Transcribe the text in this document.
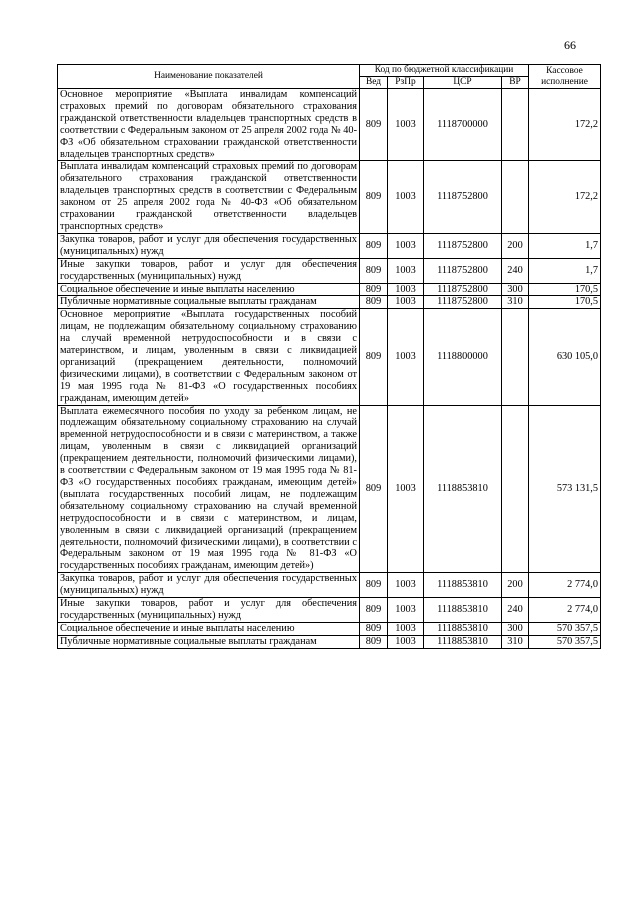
66
Наименование показателей	Код по бюджетной классификации				Кассовое исполнение
	Вед	РзПр	ЦСР	ВР	
Основное мероприятие «Выплата инвалидам компенсаций страховых премий по договорам обязательного страхования гражданской ответственности владельцев транспортных средств в соответствии с Федеральным законом от 25 апреля 2002 года № 40-ФЗ «Об обязательном страховании гражданской ответственности владельцев транспортных средств»	809	1003	1118700000		172,2
Выплата инвалидам компенсаций страховых премий по договорам обязательного страхования гражданской ответственности владельцев транспортных средств в соответствии с Федеральным законом от 25 апреля 2002 года № 40-ФЗ «Об обязательном страховании гражданской ответственности владельцев транспортных средств»	809	1003	1118752800		172,2
Закупка товаров, работ и услуг для обеспечения государственных (муниципальных) нужд	809	1003	1118752800	200	1,7
Иные закупки товаров, работ и услуг для обеспечения государственных (муниципальных) нужд	809	1003	1118752800	240	1,7
Социальное обеспечение и иные выплаты населению	809	1003	1118752800	300	170,5
Публичные нормативные социальные выплаты гражданам	809	1003	1118752800	310	170,5
Основное мероприятие «Выплата государственных пособий лицам, не подлежащим обязательному социальному страхованию на случай временной нетрудоспособности и в связи с материнством, и лицам, уволенным в связи с ликвидацией организаций (прекращением деятельности, полномочий физическими лицами), в соответствии с Федеральным законом от 19 мая 1995 года № 81-ФЗ «О государственных пособиях гражданам, имеющим детей»	809	1003	1118800000		630 105,0
Выплата ежемесячного пособия по уходу за ребенком лицам, не подлежащим обязательному социальному страхованию на случай временной нетрудоспособности и в связи с материнством, а также лицам, уволенным в связи с ликвидацией организаций (прекращением деятельности, полномочий физическими лицами), в соответствии с Федеральным законом от 19 мая 1995 года № 81-ФЗ «О государственных пособиях гражданам, имеющим детей» (выплата государственных пособий лицам, не подлежащим обязательному социальному страхованию на случай временной нетрудоспособности и в связи с материнством, и лицам, уволенным в связи с ликвидацией организаций (прекращением деятельности, полномочий физическими лицами), в соответствии с Федеральным законом от 19 мая 1995 года № 81-ФЗ «О государственных пособиях гражданам, имеющим детей»)	809	1003	1118853810		573 131,5
Закупка товаров, работ и услуг для обеспечения государственных (муниципальных) нужд	809	1003	1118853810	200	2 774,0
Иные закупки товаров, работ и услуг для обеспечения государственных (муниципальных) нужд	809	1003	1118853810	240	2 774,0
Социальное обеспечение и иные выплаты населению	809	1003	1118853810	300	570 357,5
Публичные нормативные социальные выплаты гражданам	809	1003	1118853810	310	570 357,5
